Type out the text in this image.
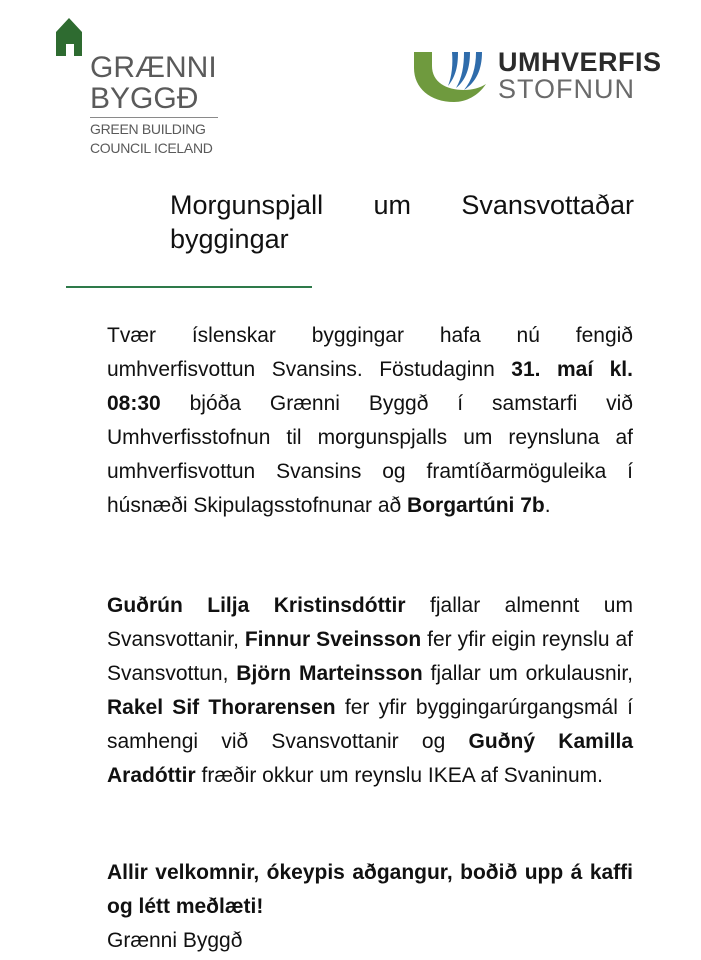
GRÆNNI
BYGGÐ
GREEN BUILDING
COUNCIL ICELAND
UMHVERFIS
STOFNUN
Morgunspjall um Svansvottaðar byggingar
Tvær íslenskar byggingar hafa nú fengið umhverfisvottun Svansins. Föstudaginn 31. maí kl. 08:30 bjóða Grænni Byggð í samstarfi við Umhverfisstofnun til morgunspjalls um reynsluna af umhverfisvottun Svansins og framtíðarmöguleika í húsnæði Skipulagsstofnunar að Borgartúni 7b.
Guðrún Lilja Kristinsdóttir fjallar almennt um Svansvottanir, Finnur Sveinsson fer yfir eigin reynslu af Svansvottun, Björn Marteinsson fjallar um orkulausnir, Rakel Sif Thorarensen fer yfir byggingarúrgangsmál í samhengi við Svansvottanir og Guðný Kamilla Aradóttir fræðir okkur um reynslu IKEA af Svaninum.
Allir velkomnir, ókeypis aðgangur, boðið upp á kaffi og létt meðlæti!
Grænni Byggð
